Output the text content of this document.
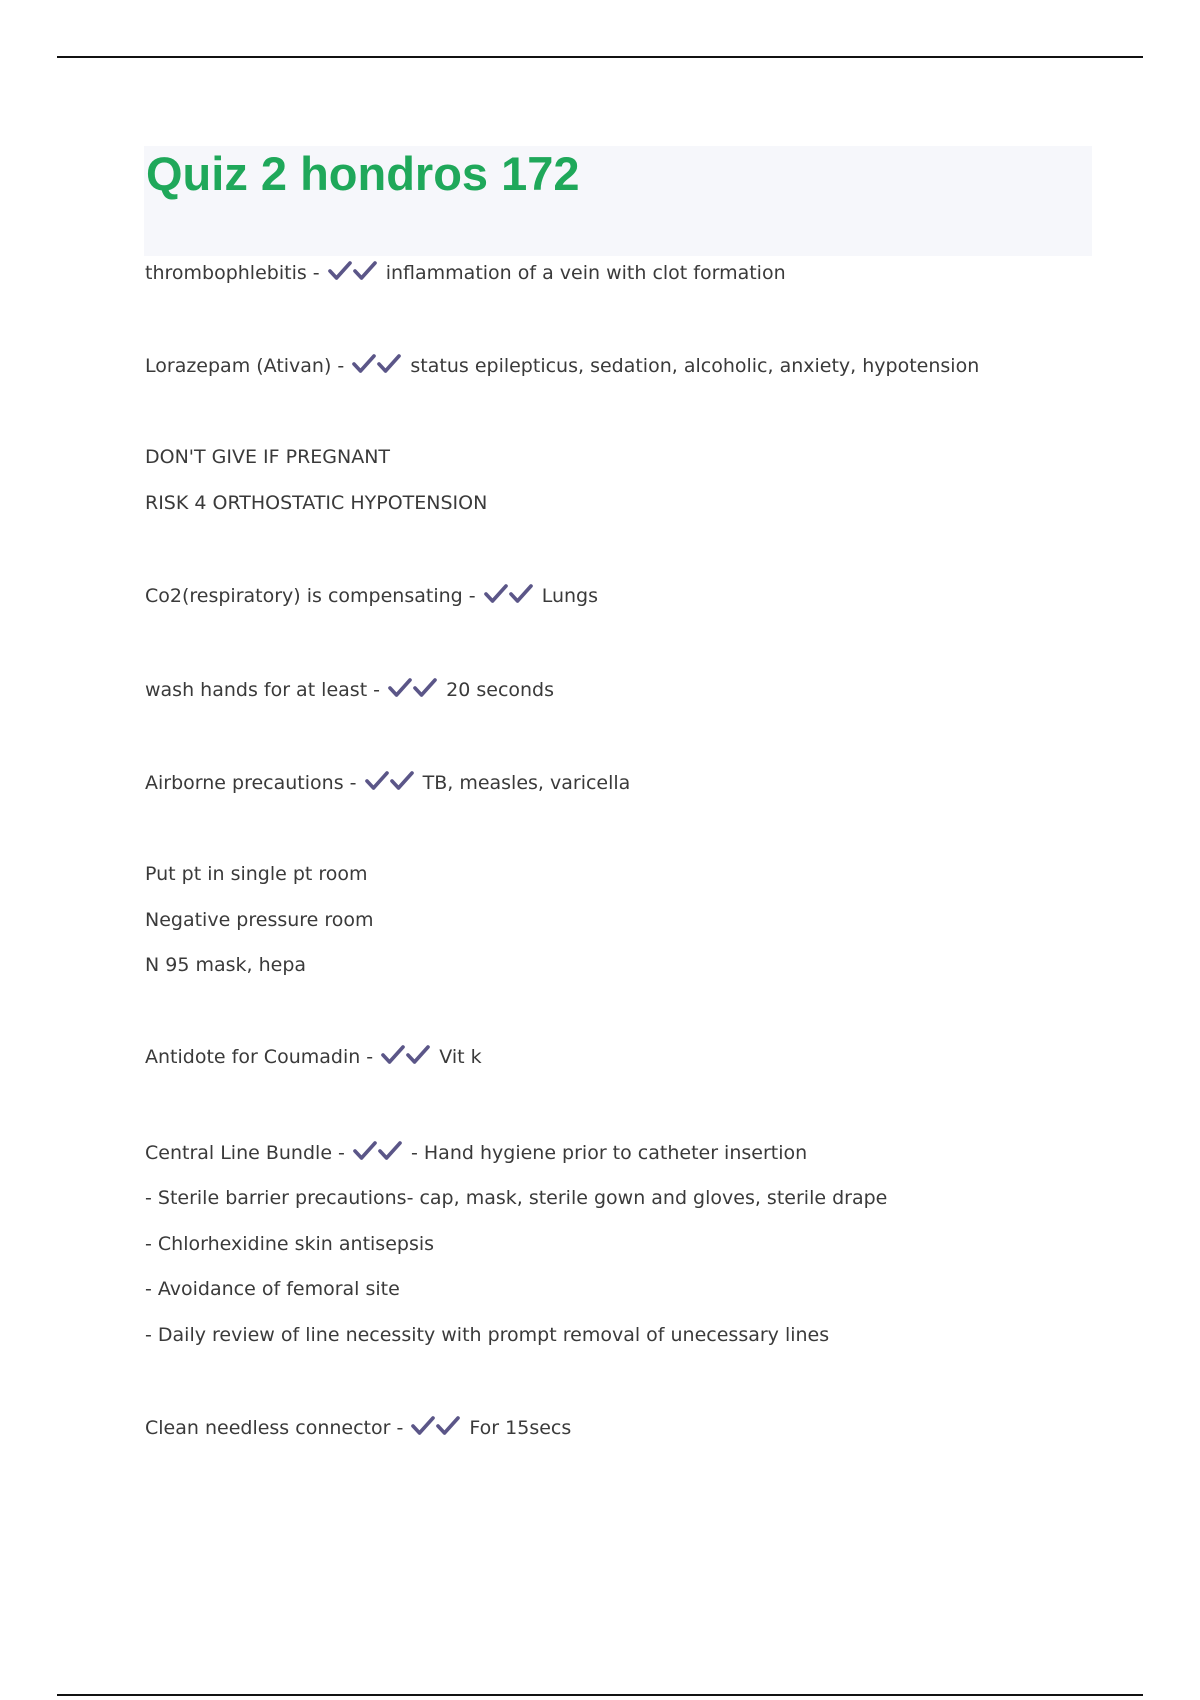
Quiz 2 hondros 172
thrombophlebitis -	inflammation of a vein with clot formation
Lorazepam (Ativan) -	status epilepticus, sedation, alcoholic, anxiety, hypotension
DON'T GIVE IF PREGNANT
RISK 4 ORTHOSTATIC HYPOTENSION
Co2(respiratory) is compensating -	Lungs
wash hands for at least -	20 seconds
Airborne precautions -	TB, measles, varicella
Put pt in single pt room
Negative pressure room
N 95 mask, hepa
Antidote for Coumadin -	Vit k
Central Line Bundle -	- Hand hygiene prior to catheter insertion
- Sterile barrier precautions- cap, mask, sterile gown and gloves, sterile drape
- Chlorhexidine skin antisepsis
- Avoidance of femoral site
- Daily review of line necessity with prompt removal of unecessary lines
Clean needless connector -	For 15secs
